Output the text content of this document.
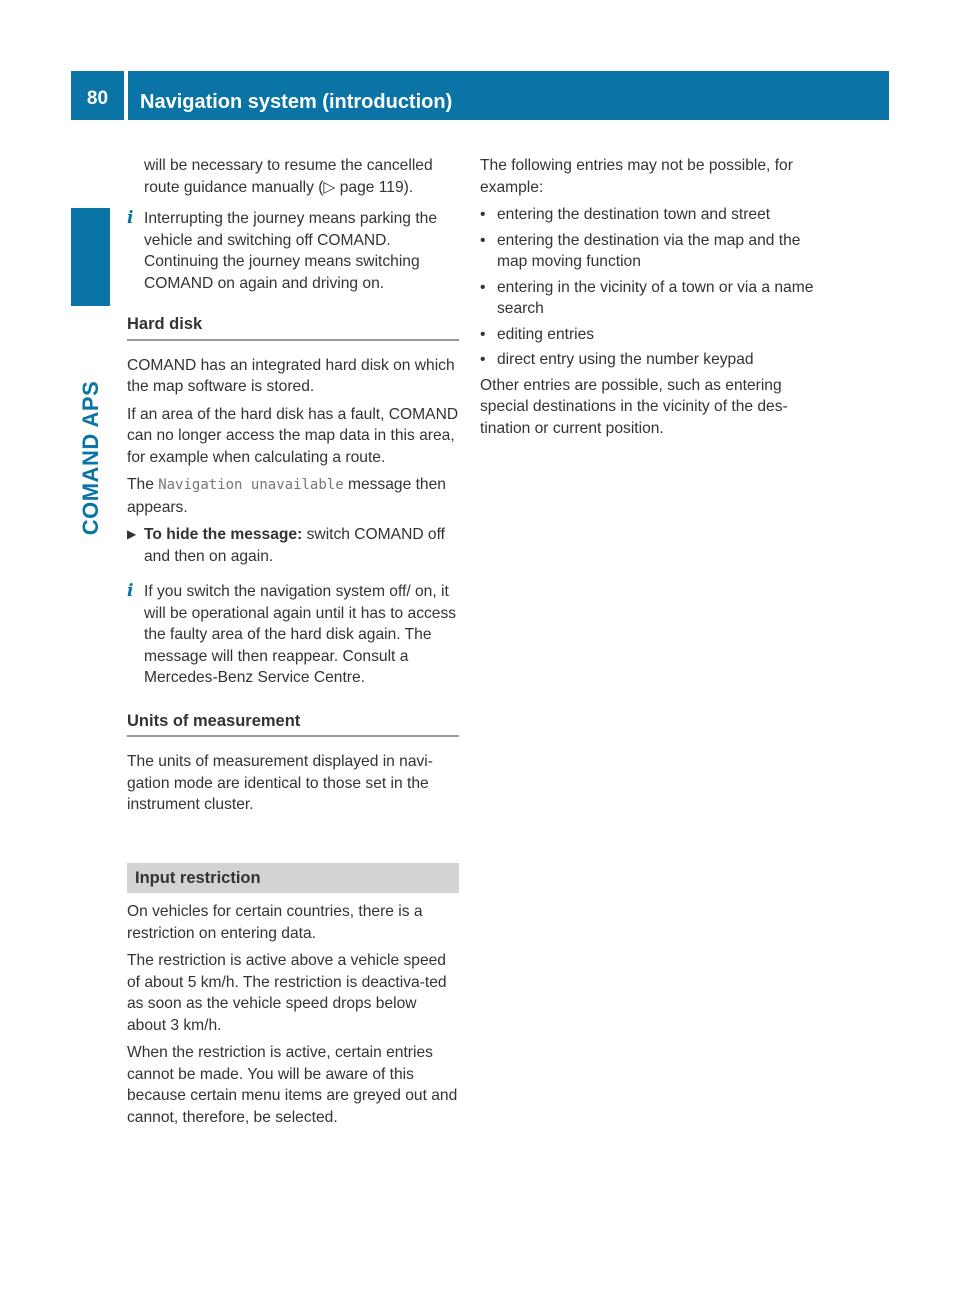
80	Navigation system (introduction)
COMAND APS

will be necessary to resume the cancelled route guidance manually (▷ page 119).

i Interrupting the journey means parking the vehicle and switching off COMAND. Continuing the journey means switching COMAND on again and driving on.
Hard disk

COMAND has an integrated hard disk on which the map software is stored.

If an area of the hard disk has a fault, COMAND can no longer access the map data in this area, for example when calculating a route.

The Navigation unavailable message then appears.

▶ To hide the message: switch COMAND off and then on again.
i If you switch the navigation system off/ on, it will be operational again until it has to access the faulty area of the hard disk again. The message will then reappear. Consult a Mercedes-Benz Service Centre.
Units of measurement

The units of measurement displayed in navi-gation mode are identical to those set in the instrument cluster.

Input restriction

On vehicles for certain countries, there is a restriction on entering data.

The restriction is active above a vehicle speed of about 5 km/h. The restriction is deactiva-ted as soon as the vehicle speed drops below about 3 km/h.

When the restriction is active, certain entries cannot be made. You will be aware of this because certain menu items are greyed out and cannot, therefore, be selected.

The following entries may not be possible, for example:

• entering the destination town and street
• entering the destination via the map and the map moving function
• entering in the vicinity of a town or via a name search
• editing entries
• direct entry using the number keypad

Other entries are possible, such as entering special destinations in the vicinity of the des-tination or current position.
